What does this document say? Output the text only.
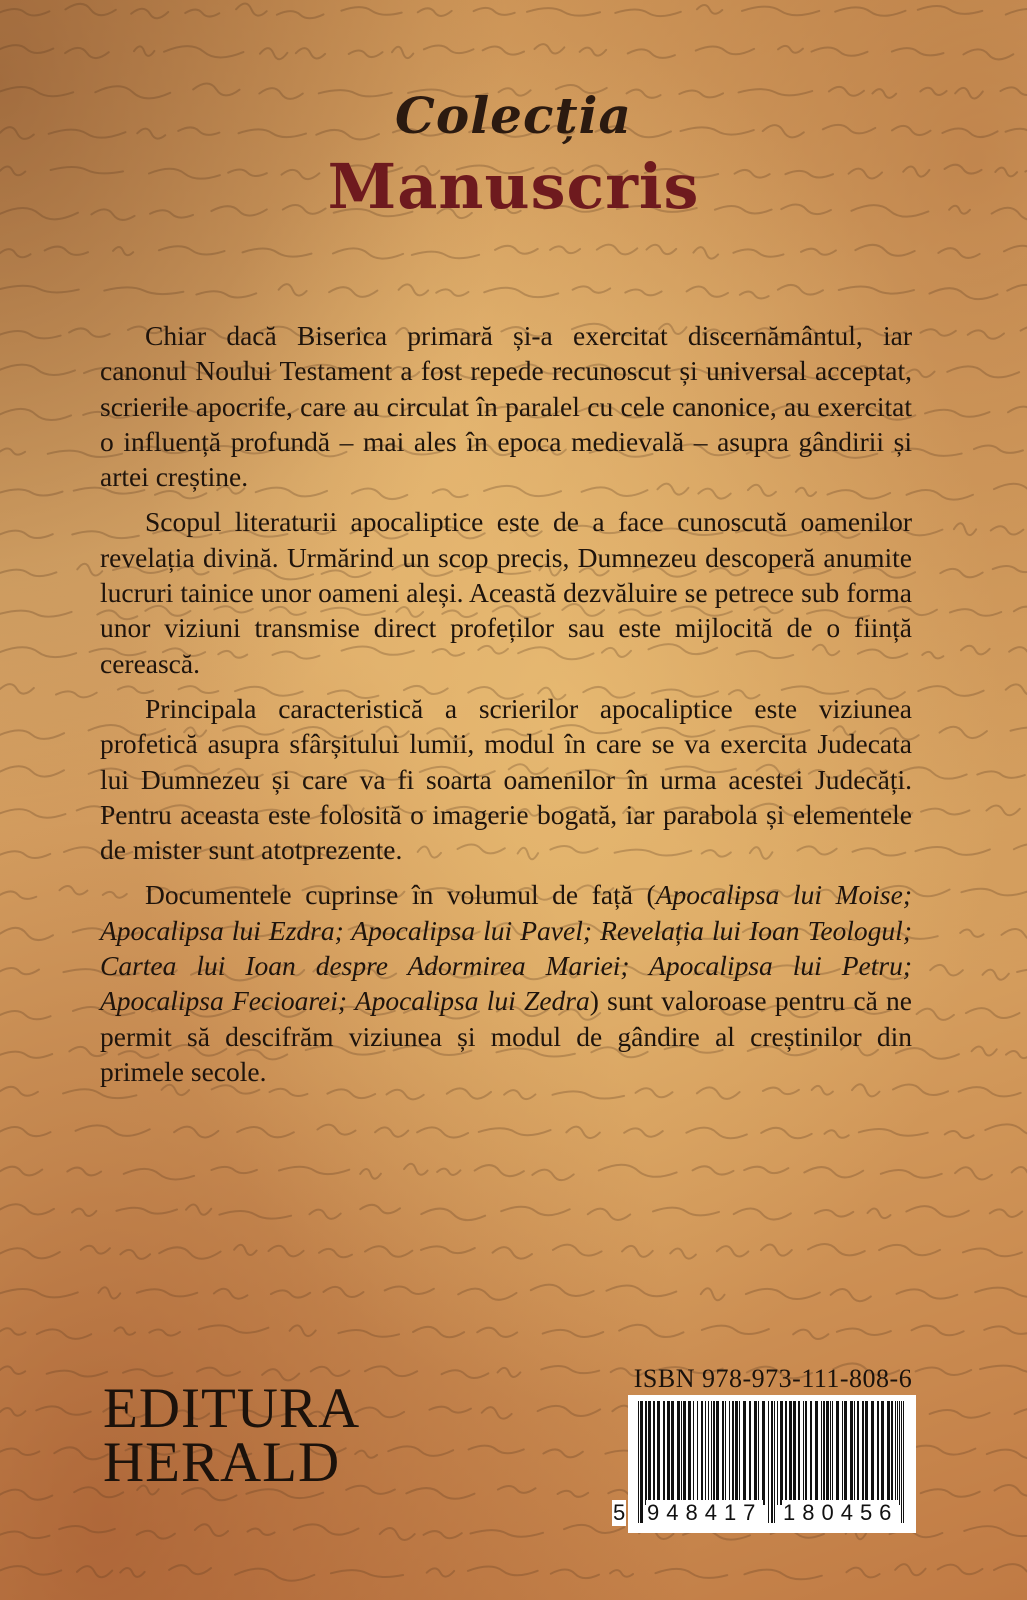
Colecția
Manuscris

Chiar dacă Biserica primară și-a exercitat discernământul, iar canonul Noului Testament a fost repede recunoscut și universal acceptat, scrierile apocrife, care au circulat în paralel cu cele canonice, au exercitat o influență profundă – mai ales în epoca medievală – asupra gândirii și artei creștine.

Scopul literaturii apocaliptice este de a face cunoscută oamenilor revelația divină. Urmărind un scop precis, Dumnezeu descoperă anumite lucruri tainice unor oameni aleși. Această dezvăluire se petrece sub forma unor viziuni transmise direct profeților sau este mijlocită de o ființă cerească.

Principala caracteristică a scrierilor apocaliptice este viziunea profetică asupra sfârșitului lumii, modul în care se va exercita Judecata lui Dumnezeu și care va fi soarta oamenilor în urma acestei Judecăți. Pentru aceasta este folosită o imagerie bogată, iar parabola și elementele de mister sunt atotprezente.

Documentele cuprinse în volumul de față (Apocalipsa lui Moise; Apocalipsa lui Ezdra; Apocalipsa lui Pavel; Revelația lui Ioan Teologul; Cartea lui Ioan despre Adormirea Mariei; Apocalipsa lui Petru; Apocalipsa Fecioarei; Apocalipsa lui Zedra) sunt valoroase pentru că ne permit să descifrăm viziunea și modul de gândire al creștinilor din primele secole.

EDITURA
HERALD
ISBN 978-973-111-808-6
5 948417 180456
